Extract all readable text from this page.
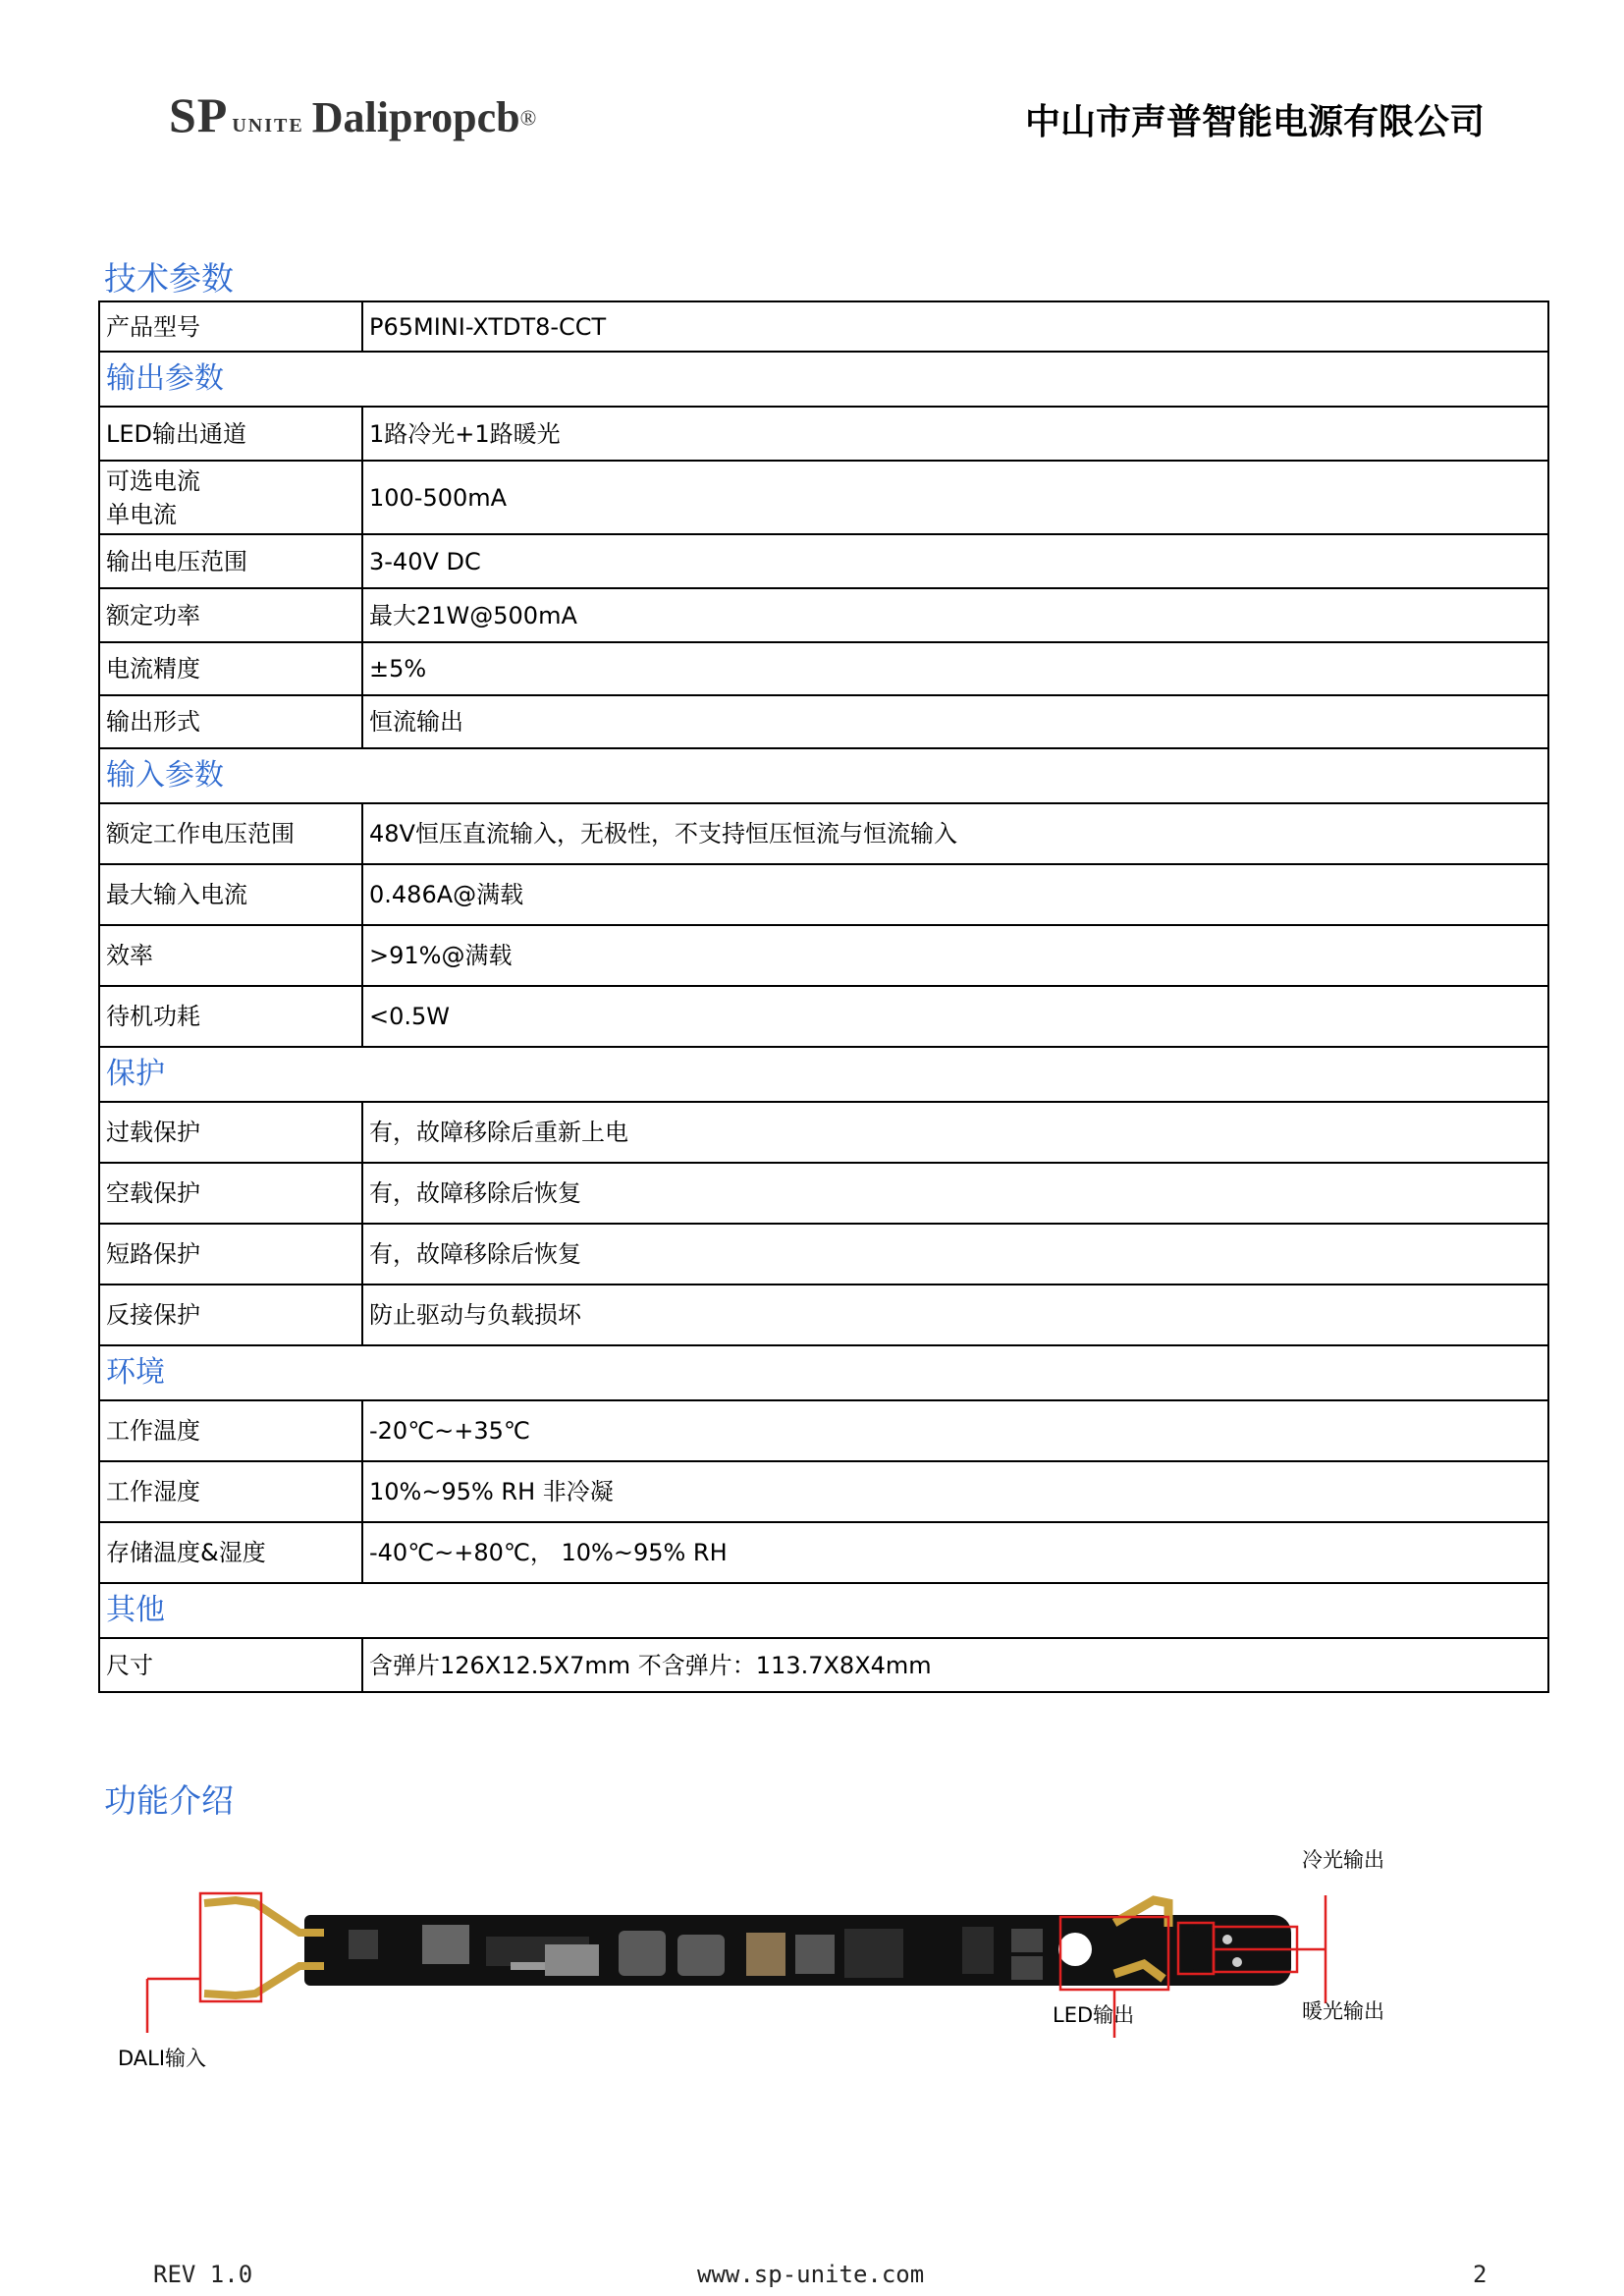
SP UNITE Dalipropcb®	中山市声普智能电源有限公司
技术参数
产品型号	P65MINI-XTDT8-CCT
输出参数	
LED输出通道	1路冷光+1路暖光
可选电流
单电流	100-500mA
输出电压范围	3-40V DC
额定功率	最大21W@500mA
电流精度	±5%
输出形式	恒流输出
输入参数	
额定工作电压范围	48V恒压直流输入，无极性，不支持恒压恒流与恒流输入
最大输入电流	0.486A@满载
效率	>91%@满载
待机功耗	<0.5W
保护	
过载保护	有，故障移除后重新上电
空载保护	有，故障移除后恢复
短路保护	有，故障移除后恢复
反接保护	防止驱动与负载损坏
环境	
工作温度	-20℃~+35℃
工作湿度	10%~95% RH 非冷凝
存储温度&湿度	-40℃~+80℃， 10%~95% RH
其他	
尺寸	含弹片126X12.5X7mm 不含弹片：113.7X8X4mm
功能介绍
冷光输出
暖光输出
LED输出
DALI输入
REV 1.0	www.sp-unite.com	2
